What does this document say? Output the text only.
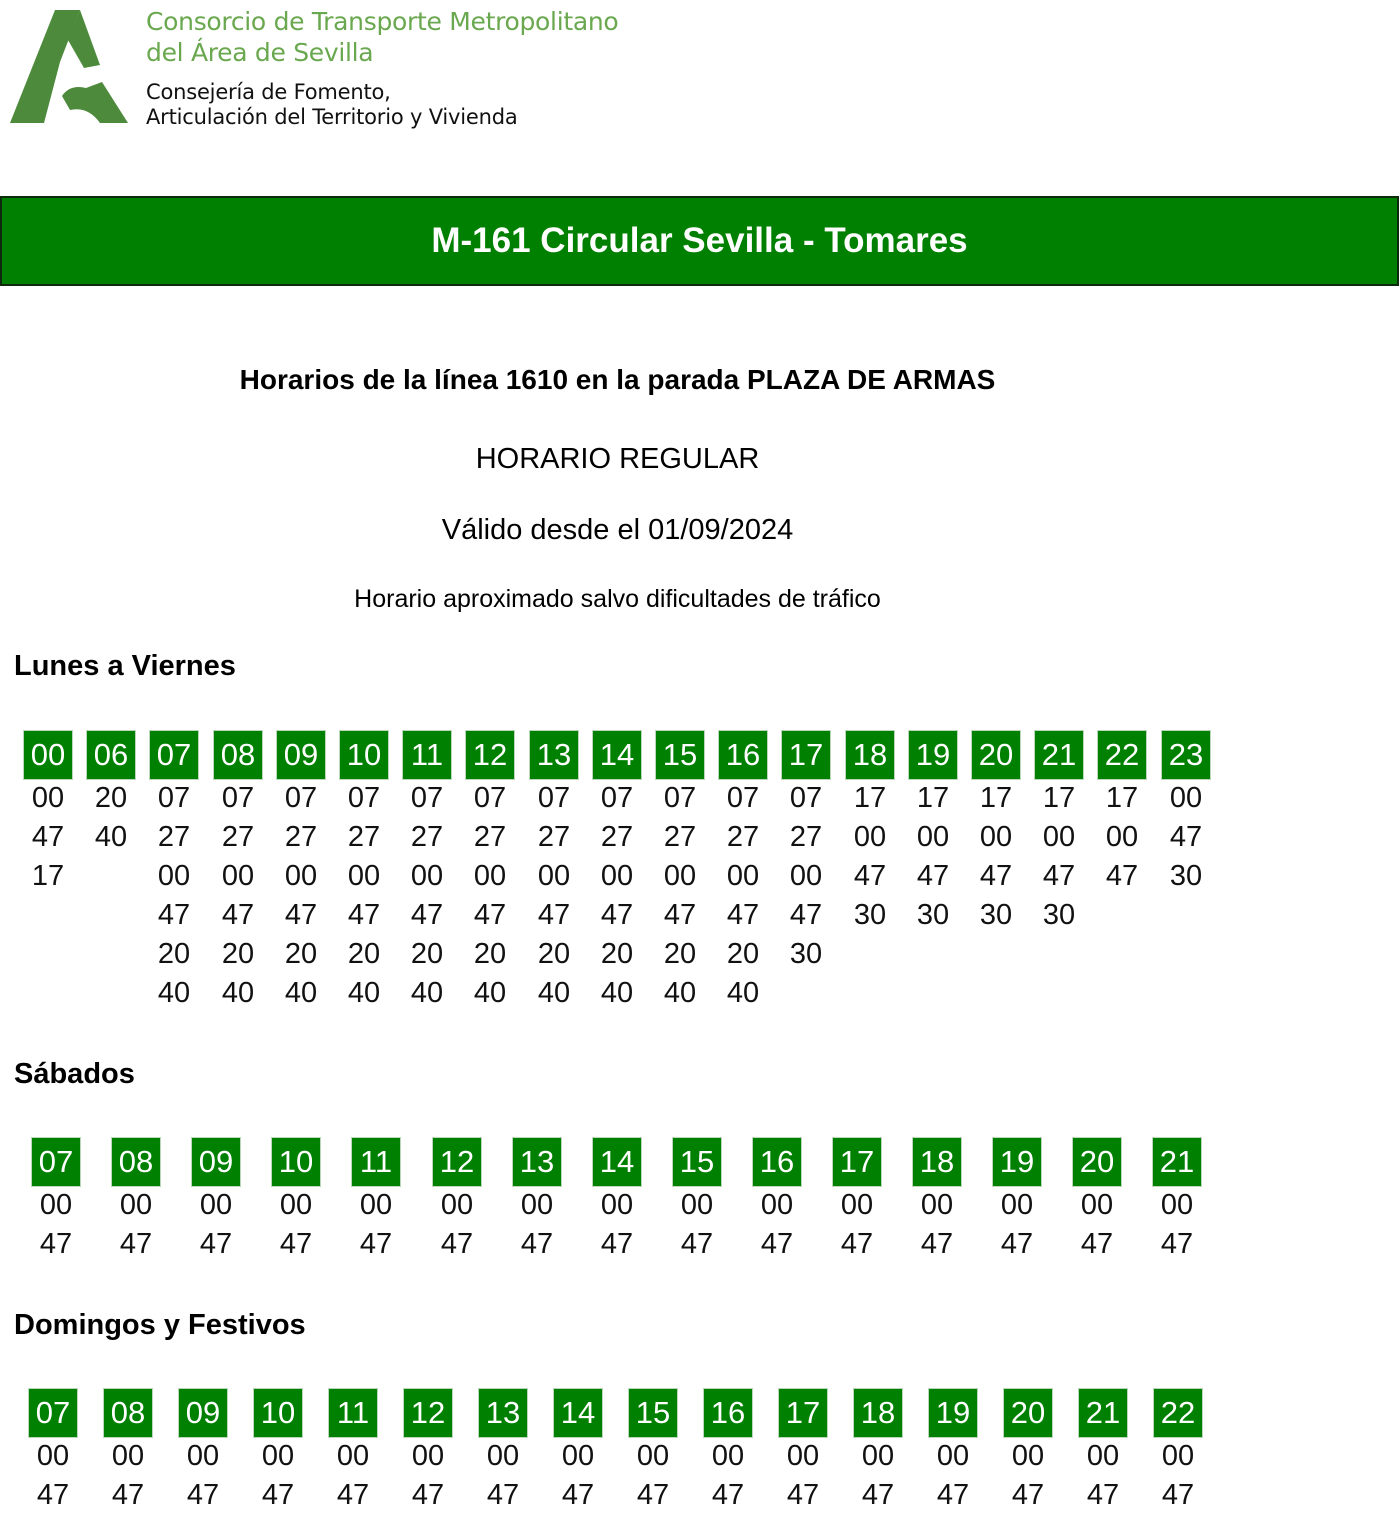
Consorcio de Transporte Metropolitano
del Área de Sevilla
Consejería de Fomento,
Articulación del Territorio y Vivienda
M-161 Circular Sevilla - Tomares
Horarios de la línea 1610 en la parada PLAZA DE ARMAS
HORARIO REGULAR
Válido desde el 01/09/2024
Horario aproximado salvo dificultades de tráfico
Lunes a Viernes
00
00
47
17
06
20
40
07
07
27
00
47
20
40
08
07
27
00
47
20
40
09
07
27
00
47
20
40
10
07
27
00
47
20
40
11
07
27
00
47
20
40
12
07
27
00
47
20
40
13
07
27
00
47
20
40
14
07
27
00
47
20
40
15
07
27
00
47
20
40
16
07
27
00
47
20
40
17
07
27
00
47
30
18
17
00
47
30
19
17
00
47
30
20
17
00
47
30
21
17
00
47
30
22
17
00
47
23
00
47
30
Sábados
07
00
47
08
00
47
09
00
47
10
00
47
11
00
47
12
00
47
13
00
47
14
00
47
15
00
47
16
00
47
17
00
47
18
00
47
19
00
47
20
00
47
21
00
47
Domingos y Festivos
07
00
47
08
00
47
09
00
47
10
00
47
11
00
47
12
00
47
13
00
47
14
00
47
15
00
47
16
00
47
17
00
47
18
00
47
19
00
47
20
00
47
21
00
47
22
00
47
